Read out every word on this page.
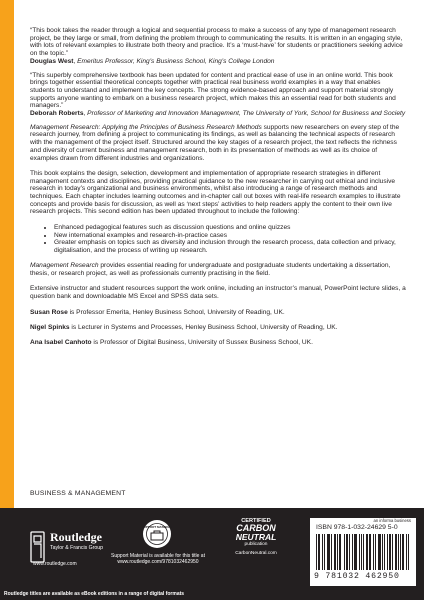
“This book takes the reader through a logical and sequential process to make a success of any type of management research project, be they large or small, from defining the problem through to communicating the results. It is written in an engaging style, with lots of relevant examples to illustrate both theory and practice. It’s a ‘must-have’ for students or practitioners seeking advice on the topic.”
Douglas West, Emeritus Professor, King’s Business School, King’s College London

“This superbly comprehensive textbook has been updated for content and practical ease of use in an online world. This book brings together essential theoretical concepts together with practical real business world examples in a way that enables students to understand and implement the key concepts. The strong evidence-based approach and support material strongly supports anyone wanting to embark on a business research project, which makes this an essential read for both students and managers.”
Deborah Roberts, Professor of Marketing and Innovation Management, The University of York, School for Business and Society

Management Research: Applying the Principles of Business Research Methods supports new researchers on every step of the research journey, from defining a project to communicating its findings, as well as balancing the technical aspects of research with the management of the project itself. Structured around the key stages of a research project, the text reflects the richness and diversity of current business and management research, both in its presentation of methods as well as its choice of examples drawn from different industries and organizations.

This book explains the design, selection, development and implementation of appropriate research strategies in different management contexts and disciplines, providing practical guidance to the new researcher in carrying out ethical and inclusive research in today’s organizational and business environments, whilst also introducing a range of research methods and techniques. Each chapter includes learning outcomes and in-chapter call out boxes with real-life research examples to illustrate concepts and provide basis for discussion, as well as ‘next steps’ activities to help readers apply the content to their own live research projects. This second edition has been updated throughout to include the following:

• Enhanced pedagogical features such as discussion questions and online quizzes
• New international examples and research-in-practice cases
• Greater emphasis on topics such as diversity and inclusion through the research process, data collection and privacy, digitalisation, and the process of writing up research.

Management Research provides essential reading for undergraduate and postgraduate students undertaking a dissertation, thesis, or research project, as well as professionals currently practising in the field.

Extensive instructor and student resources support the work online, including an instructor’s manual, PowerPoint lecture slides, a question bank and downloadable MS Excel and SPSS data sets.

Susan Rose is Professor Emerita, Henley Business School, University of Reading, UK.

Nigel Spinks is Lecturer in Systems and Processes, Henley Business School, University of Reading, UK.

Ana Isabel Canhoto is Professor of Digital Business, University of Sussex Business School, UK.

BUSINESS & MANAGEMENT
Routledge
Taylor & Francis Group
www.routledge.com
SUPPORT MATERIAL
Support Material is available for this title at www.routledge.com/9781032462950
CERTIFIED
CARBON
NEUTRAL
publication
CarbonNeutral.com
an informa business
ISBN 978-1-032-24629 5-0
9 781032 462950
Routledge titles are available as eBook editions in a range of digital formats
